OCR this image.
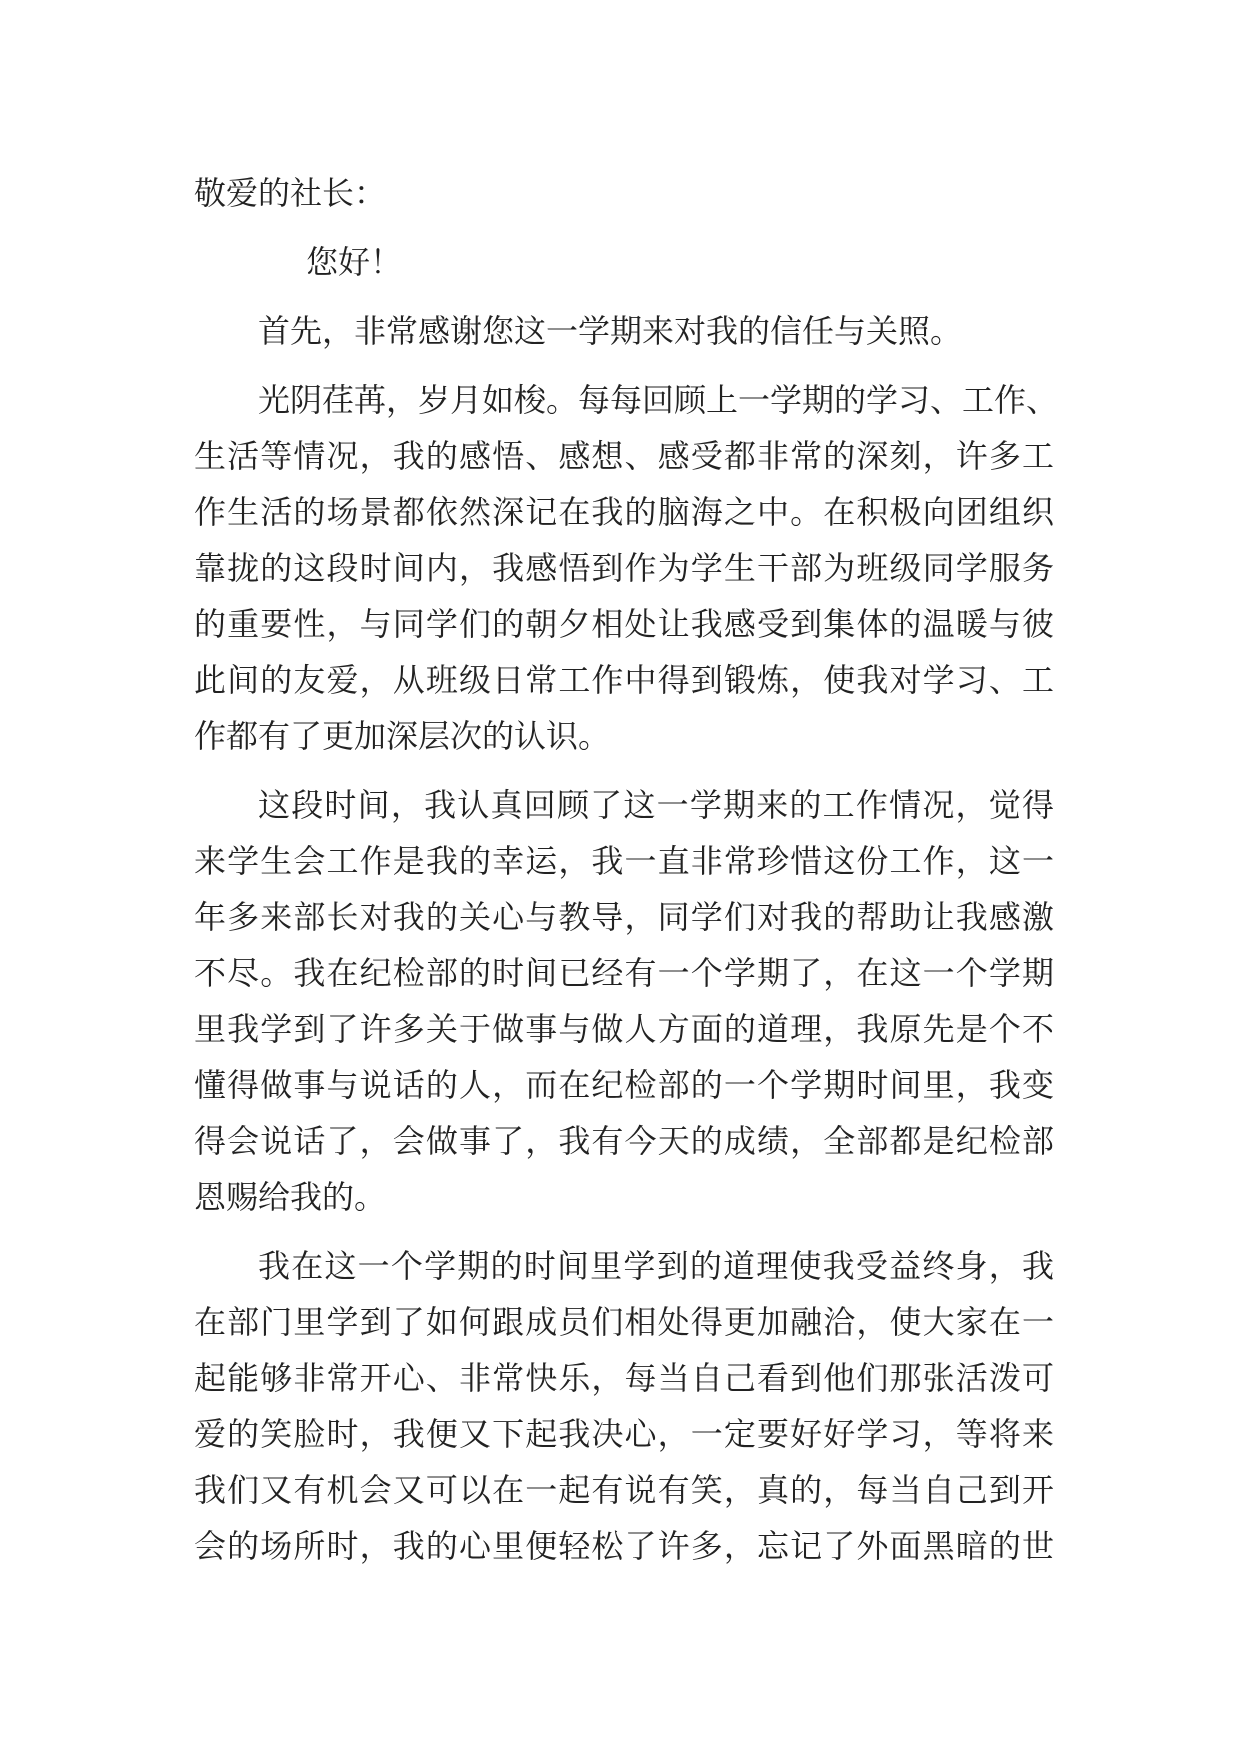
敬爱的社长：
您好！
首先，非常感谢您这一学期来对我的信任与关照。
光阴荏苒，岁月如梭。每每回顾上一学期的学习、工作、
生活等情况，我的感悟、感想、感受都非常的深刻，许多工
作生活的场景都依然深记在我的脑海之中。在积极向团组织
靠拢的这段时间内，我感悟到作为学生干部为班级同学服务
的重要性，与同学们的朝夕相处让我感受到集体的温暖与彼
此间的友爱，从班级日常工作中得到锻炼，使我对学习、工
作都有了更加深层次的认识。
这段时间，我认真回顾了这一学期来的工作情况，觉得
来学生会工作是我的幸运，我一直非常珍惜这份工作，这一
年多来部长对我的关心与教导，同学们对我的帮助让我感激
不尽。我在纪检部的时间已经有一个学期了，在这一个学期
里我学到了许多关于做事与做人方面的道理，我原先是个不
懂得做事与说话的人，而在纪检部的一个学期时间里，我变
得会说话了，会做事了，我有今天的成绩，全部都是纪检部
恩赐给我的。
我在这一个学期的时间里学到的道理使我受益终身，我
在部门里学到了如何跟成员们相处得更加融洽，使大家在一
起能够非常开心、非常快乐，每当自己看到他们那张活泼可
爱的笑脸时，我便又下起我决心，一定要好好学习，等将来
我们又有机会又可以在一起有说有笑，真的，每当自己到开
会的场所时，我的心里便轻松了许多，忘记了外面黑暗的世
